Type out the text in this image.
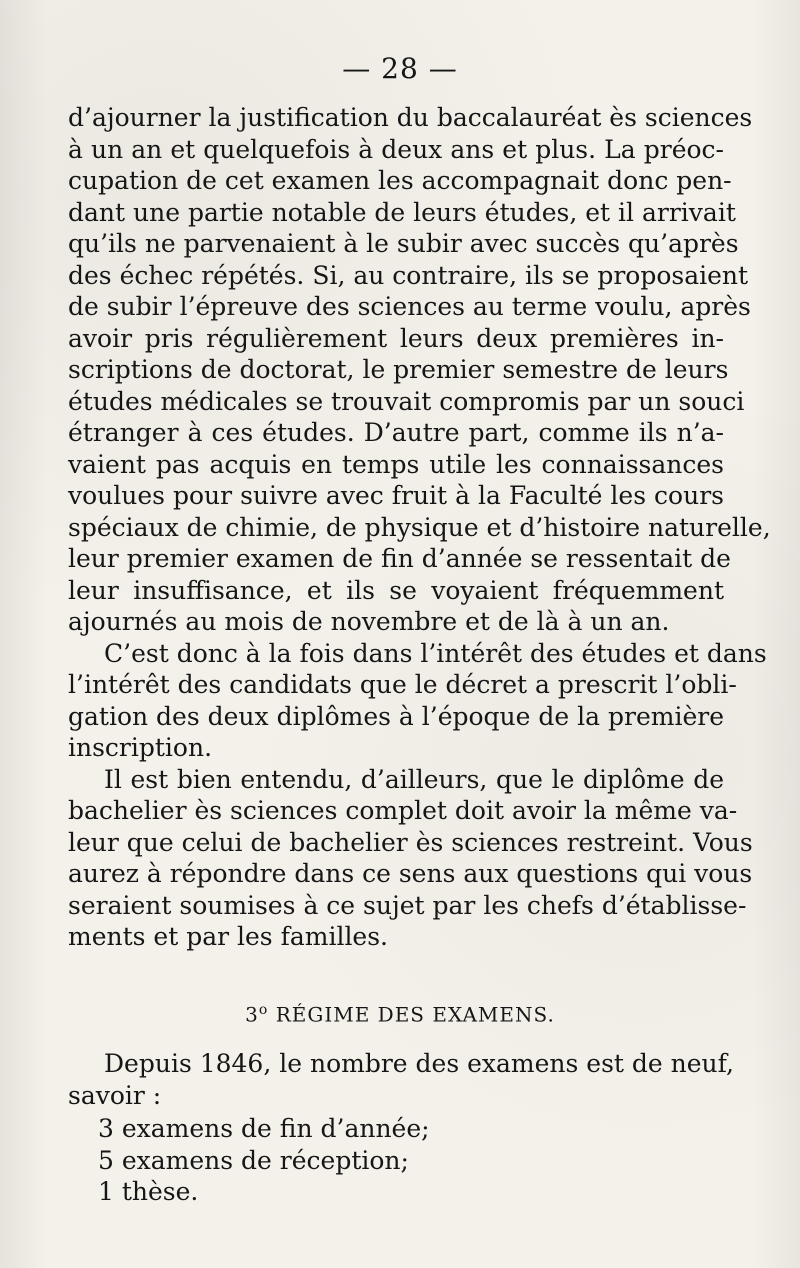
— 28 —
d’ajourner la justification du baccalauréat ès sciences
à un an et quelquefois à deux ans et plus. La préoc-
cupation de cet examen les accompagnait donc pen-
dant une partie notable de leurs études, et il arrivait
qu’ils ne parvenaient à le subir avec succès qu’après
des échec répétés. Si, au contraire, ils se proposaient
de subir l’épreuve des sciences au terme voulu, après
avoir pris régulièrement leurs deux premières in-
scriptions de doctorat, le premier semestre de leurs
études médicales se trouvait compromis par un souci
étranger à ces études. D’autre part, comme ils n’a-
vaient pas acquis en temps utile les connaissances
voulues pour suivre avec fruit à la Faculté les cours
spéciaux de chimie, de physique et d’histoire naturelle,
leur premier examen de fin d’année se ressentait de
leur insuffisance, et ils se voyaient fréquemment
ajournés au mois de novembre et de là à un an.
C’est donc à la fois dans l’intérêt des études et dans
l’intérêt des candidats que le décret a prescrit l’obli-
gation des deux diplômes à l’époque de la première
inscription.
Il est bien entendu, d’ailleurs, que le diplôme de
bachelier ès sciences complet doit avoir la même va-
leur que celui de bachelier ès sciences restreint. Vous
aurez à répondre dans ce sens aux questions qui vous
seraient soumises à ce sujet par les chefs d’établisse-
ments et par les familles.
3$^o$ RÉGIME DES EXAMENS.
Depuis 1846, le nombre des examens est de neuf,
savoir :
3 examens de fin d’année;
5 examens de réception;
1 thèse.
